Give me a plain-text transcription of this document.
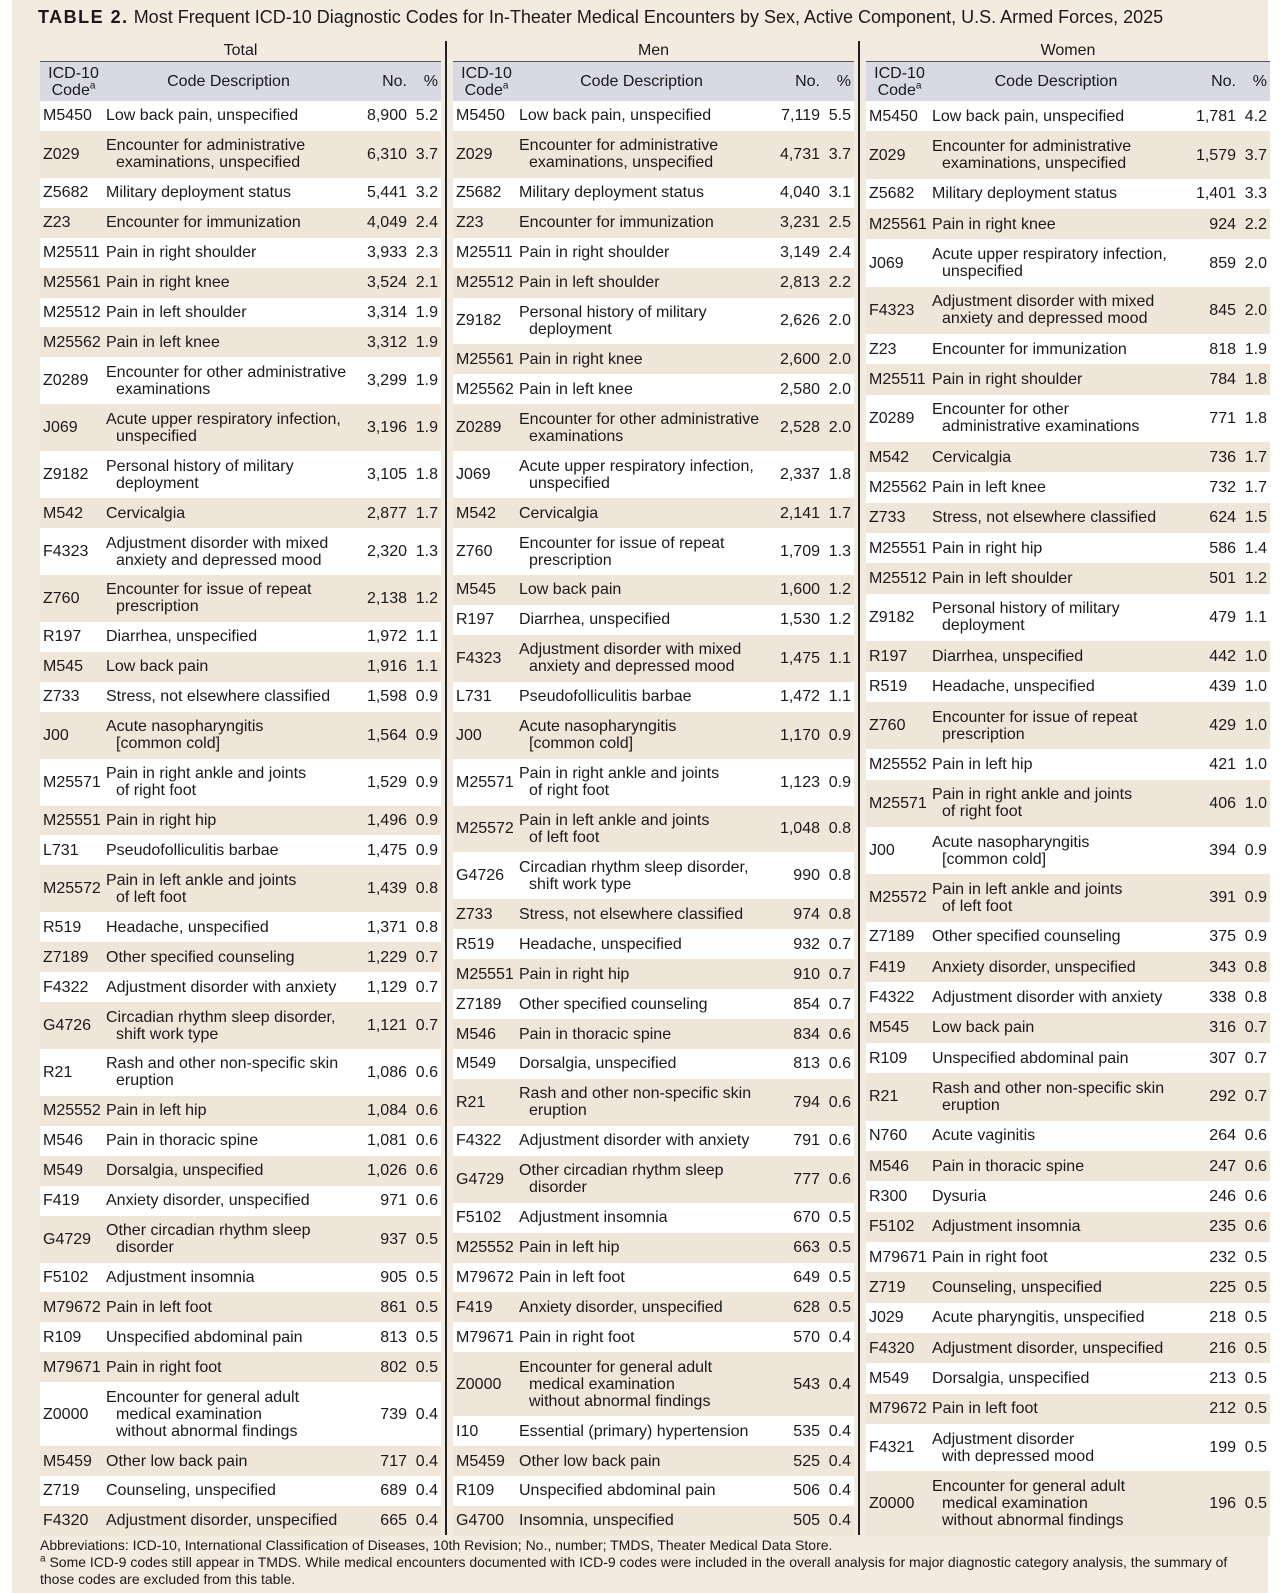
TABLE 2. Most Frequent ICD-10 Diagnostic Codes for In-Theater Medical Encounters by Sex, Active Component, U.S. Armed Forces, 2025
Total
ICD-10
Code$^a$	Code Description	No.	%
M5450 Low back pain, unspecified	8,900 5.2
Z029	Encounter for administrative
examinations, unspecified	6,310 3.7
Z5682	Military deployment status	5,441 3.2
Z23	Encounter for immunization	4,049 2.4
M25511 Pain in right shoulder	3,933 2.3
M25561 Pain in right knee	3,524 2.1
M25512 Pain in left shoulder	3,314 1.9
M25562 Pain in left knee	3,312 1.9
Z0289	Encounter for other administrative
examinations	3,299 1.9
J069	Acute upper respiratory infection,
unspecified	3,196 1.9
Z9182	Personal history of military
deployment	3,105 1.8
M542	Cervicalgia	2,877 1.7
F4323	Adjustment disorder with mixed
anxiety and depressed mood	2,320 1.3
Z760	Encounter for issue of repeat
prescription	2,138 1.2
R197	Diarrhea, unspecified	1,972 1.1
M545	Low back pain	1,916 1.1
Z733	Stress, not elsewhere classified	1,598 0.9
J00	Acute nasopharyngitis
[common cold]	1,564 0.9
M25571 Pain in right ankle and joints
of right foot	1,529 0.9
M25551 Pain in right hip	1,496 0.9
L731	Pseudofolliculitis barbae	1,475 0.9
M25572 Pain in left ankle and joints
of left foot	1,439 0.8
R519	Headache, unspecified	1,371 0.8
Z7189	Other specified counseling	1,229 0.7
F4322	Adjustment disorder with anxiety	1,129 0.7
G4726 Circadian rhythm sleep disorder,
shift work type	1,121 0.7
R21	Rash and other non-specific skin
eruption	1,086 0.6
M25552 Pain in left hip	1,084 0.6
M546	Pain in thoracic spine	1,081 0.6
M549	Dorsalgia, unspecified	1,026 0.6
F419	Anxiety disorder, unspecified	971 0.6
G4729 Other circadian rhythm sleep
disorder	937 0.5
F5102	Adjustment insomnia	905 0.5
M79672 Pain in left foot	861 0.5
R109	Unspecified abdominal pain	813 0.5
M79671 Pain in right foot	802 0.5
Z0000
Encounter for general adult
medical examination
without abnormal findings
739 0.4
M5459 Other low back pain	717 0.4
Z719	Counseling, unspecified	689 0.4
F4320	Adjustment disorder, unspecified	665 0.4
Men
ICD-10
Code$^a$	Code Description	No.	%
M5450 Low back pain, unspecified	7,119 5.5
Z029	Encounter for administrative
examinations, unspecified	4,731 3.7
Z5682	Military deployment status	4,040 3.1
Z23	Encounter for immunization	3,231 2.5
M25511 Pain in right shoulder	3,149 2.4
M25512 Pain in left shoulder	2,813 2.2
Z9182	Personal history of military
deployment	2,626 2.0
M25561 Pain in right knee	2,600 2.0
M25562 Pain in left knee	2,580 2.0
Z0289	Encounter for other administrative
examinations	2,528 2.0
J069	Acute upper respiratory infection,
unspecified	2,337 1.8
M542	Cervicalgia	2,141 1.7
Z760	Encounter for issue of repeat
prescription	1,709 1.3
M545	Low back pain	1,600 1.2
R197	Diarrhea, unspecified	1,530 1.2
F4323	Adjustment disorder with mixed
anxiety and depressed mood	1,475 1.1
L731	Pseudofolliculitis barbae	1,472 1.1
J00	Acute nasopharyngitis
[common cold]	1,170 0.9
M25571 Pain in right ankle and joints
of right foot	1,123 0.9
M25572 Pain in left ankle and joints
of left foot	1,048 0.8
G4726 Circadian rhythm sleep disorder,
shift work type	990 0.8
Z733	Stress, not elsewhere classified	974 0.8
R519	Headache, unspecified	932 0.7
M25551 Pain in right hip	910 0.7
Z7189	Other specified counseling	854 0.7
M546	Pain in thoracic spine	834 0.6
M549	Dorsalgia, unspecified	813 0.6
R21	Rash and other non-specific skin
eruption	794 0.6
F4322	Adjustment disorder with anxiety	791 0.6
G4729 Other circadian rhythm sleep
disorder	777 0.6
F5102	Adjustment insomnia	670 0.5
M25552 Pain in left hip	663 0.5
M79672 Pain in left foot	649 0.5
F419	Anxiety disorder, unspecified	628 0.5
M79671 Pain in right foot	570 0.4
Z0000
Encounter for general adult
medical examination
without abnormal findings
543 0.4
I10	Essential (primary) hypertension	535 0.4
M5459 Other low back pain	525 0.4
R109	Unspecified abdominal pain	506 0.4
G4700 Insomnia, unspecified	505 0.4
Women
ICD-10
Code$^a$	Code Description	No.	%
M5450 Low back pain, unspecified	1,781 4.2
Z029	Encounter for administrative
examinations, unspecified	1,579 3.7
Z5682	Military deployment status	1,401 3.3
M25561 Pain in right knee	924 2.2
J069	Acute upper respiratory infection,
unspecified	859 2.0
F4323	Adjustment disorder with mixed
anxiety and depressed mood	845 2.0
Z23	Encounter for immunization	818 1.9
M25511 Pain in right shoulder	784 1.8
Z0289	Encounter for other
administrative examinations	771 1.8
M542	Cervicalgia	736 1.7
M25562 Pain in left knee	732 1.7
Z733	Stress, not elsewhere classified	624 1.5
M25551 Pain in right hip	586 1.4
M25512 Pain in left shoulder	501 1.2
Z9182	Personal history of military
deployment	479 1.1
R197	Diarrhea, unspecified	442 1.0
R519	Headache, unspecified	439 1.0
Z760	Encounter for issue of repeat
prescription	429 1.0
M25552 Pain in left hip	421 1.0
M25571 Pain in right ankle and joints
of right foot	406 1.0
J00	Acute nasopharyngitis
[common cold]	394 0.9
M25572 Pain in left ankle and joints
of left foot	391 0.9
Z7189	Other specified counseling	375 0.9
F419	Anxiety disorder, unspecified	343 0.8
F4322	Adjustment disorder with anxiety	338 0.8
M545	Low back pain	316 0.7
R109	Unspecified abdominal pain	307 0.7
R21	Rash and other non-specific skin
eruption	292 0.7
N760	Acute vaginitis	264 0.6
M546	Pain in thoracic spine	247 0.6
R300	Dysuria	246 0.6
F5102	Adjustment insomnia	235 0.6
M79671 Pain in right foot	232 0.5
Z719	Counseling, unspecified	225 0.5
J029	Acute pharyngitis, unspecified	218 0.5
F4320	Adjustment disorder, unspecified	216 0.5
M549	Dorsalgia, unspecified	213 0.5
M79672 Pain in left foot	212 0.5
F4321	Adjustment disorder
with depressed mood	199 0.5
Z0000
Encounter for general adult
medical examination
without abnormal findings
196 0.5
Abbreviations: ICD-10, International Classification of Diseases, 10th Revision; No., number; TMDS, Theater Medical Data Store.
$^a$ Some ICD-9 codes still appear in TMDS. While medical encounters documented with ICD-9 codes were included in the overall analysis for major diagnostic category analysis, the summary of those codes are excluded from this table.
